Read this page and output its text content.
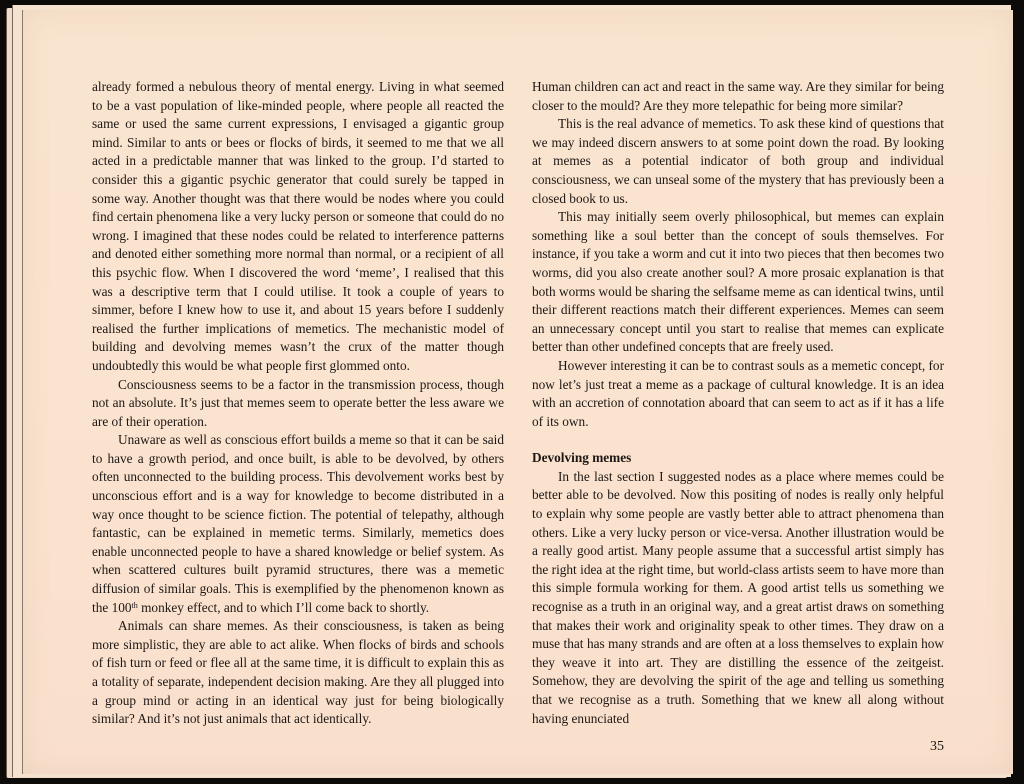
already formed a nebulous theory of mental energy. Living in what seemed to be a vast population of like-minded people, where people all reacted the same or used the same current expressions, I envisaged a gigantic group mind. Similar to ants or bees or flocks of birds, it seemed to me that we all acted in a predictable manner that was linked to the group. I’d started to consider this a gigantic psychic generator that could surely be tapped in some way. Another thought was that there would be nodes where you could find certain phenomena like a very lucky person or someone that could do no wrong. I imagined that these nodes could be related to interference patterns and denoted either something more normal than normal, or a recipient of all this psychic flow. When I discovered the word ‘meme’, I realised that this was a descriptive term that I could utilise. It took a couple of years to simmer, before I knew how to use it, and about 15 years before I suddenly realised the further implications of memetics. The mechanistic model of building and devolving memes wasn’t the crux of the matter though undoubtedly this would be what people first glommed onto.

Consciousness seems to be a factor in the transmission process, though not an absolute. It’s just that memes seem to operate better the less aware we are of their operation.

Unaware as well as conscious effort builds a meme so that it can be said to have a growth period, and once built, is able to be devolved, by others often unconnected to the building process. This devolvement works best by unconscious effort and is a way for knowledge to become distributed in a way once thought to be science fiction. The potential of telepathy, although fantastic, can be explained in memetic terms. Similarly, memetics does enable unconnected people to have a shared knowledge or belief system. As when scattered cultures built pyramid structures, there was a memetic diffusion of similar goals. This is exemplified by the phenomenon known as the 100th monkey effect, and to which I’ll come back to shortly.

Animals can share memes. As their consciousness, is taken as being more simplistic, they are able to act alike. When flocks of birds and schools of fish turn or feed or flee all at the same time, it is difficult to explain this as a totality of separate, independent decision making. Are they all plugged into a group mind or acting in an identical way just for being biologically similar? And it’s not just animals that act identically.

Human children can act and react in the same way. Are they similar for being closer to the mould? Are they more telepathic for being more similar?

This is the real advance of memetics. To ask these kind of questions that we may indeed discern answers to at some point down the road. By looking at memes as a potential indicator of both group and individual consciousness, we can unseal some of the mystery that has previously been a closed book to us.

This may initially seem overly philosophical, but memes can explain something like a soul better than the concept of souls themselves. For instance, if you take a worm and cut it into two pieces that then becomes two worms, did you also create another soul? A more prosaic explanation is that both worms would be sharing the selfsame meme as can identical twins, until their different reactions match their different experiences. Memes can seem an unnecessary concept until you start to realise that memes can explicate better than other undefined concepts that are freely used.

However interesting it can be to contrast souls as a memetic concept, for now let’s just treat a meme as a package of cultural knowledge. It is an idea with an accretion of connotation aboard that can seem to act as if it has a life of its own.

Devolving memes

In the last section I suggested nodes as a place where memes could be better able to be devolved. Now this positing of nodes is really only helpful to explain why some people are vastly better able to attract phenomena than others. Like a very lucky person or vice-versa. Another illustration would be a really good artist. Many people assume that a successful artist simply has the right idea at the right time, but world-class artists seem to have more than this simple formula working for them. A good artist tells us something we recognise as a truth in an original way, and a great artist draws on something that makes their work and originality speak to other times. They draw on a muse that has many strands and are often at a loss themselves to explain how they weave it into art. They are distilling the essence of the zeitgeist. Somehow, they are devolving the spirit of the age and telling us something that we recognise as a truth. Something that we knew all along without having enunciated

35
